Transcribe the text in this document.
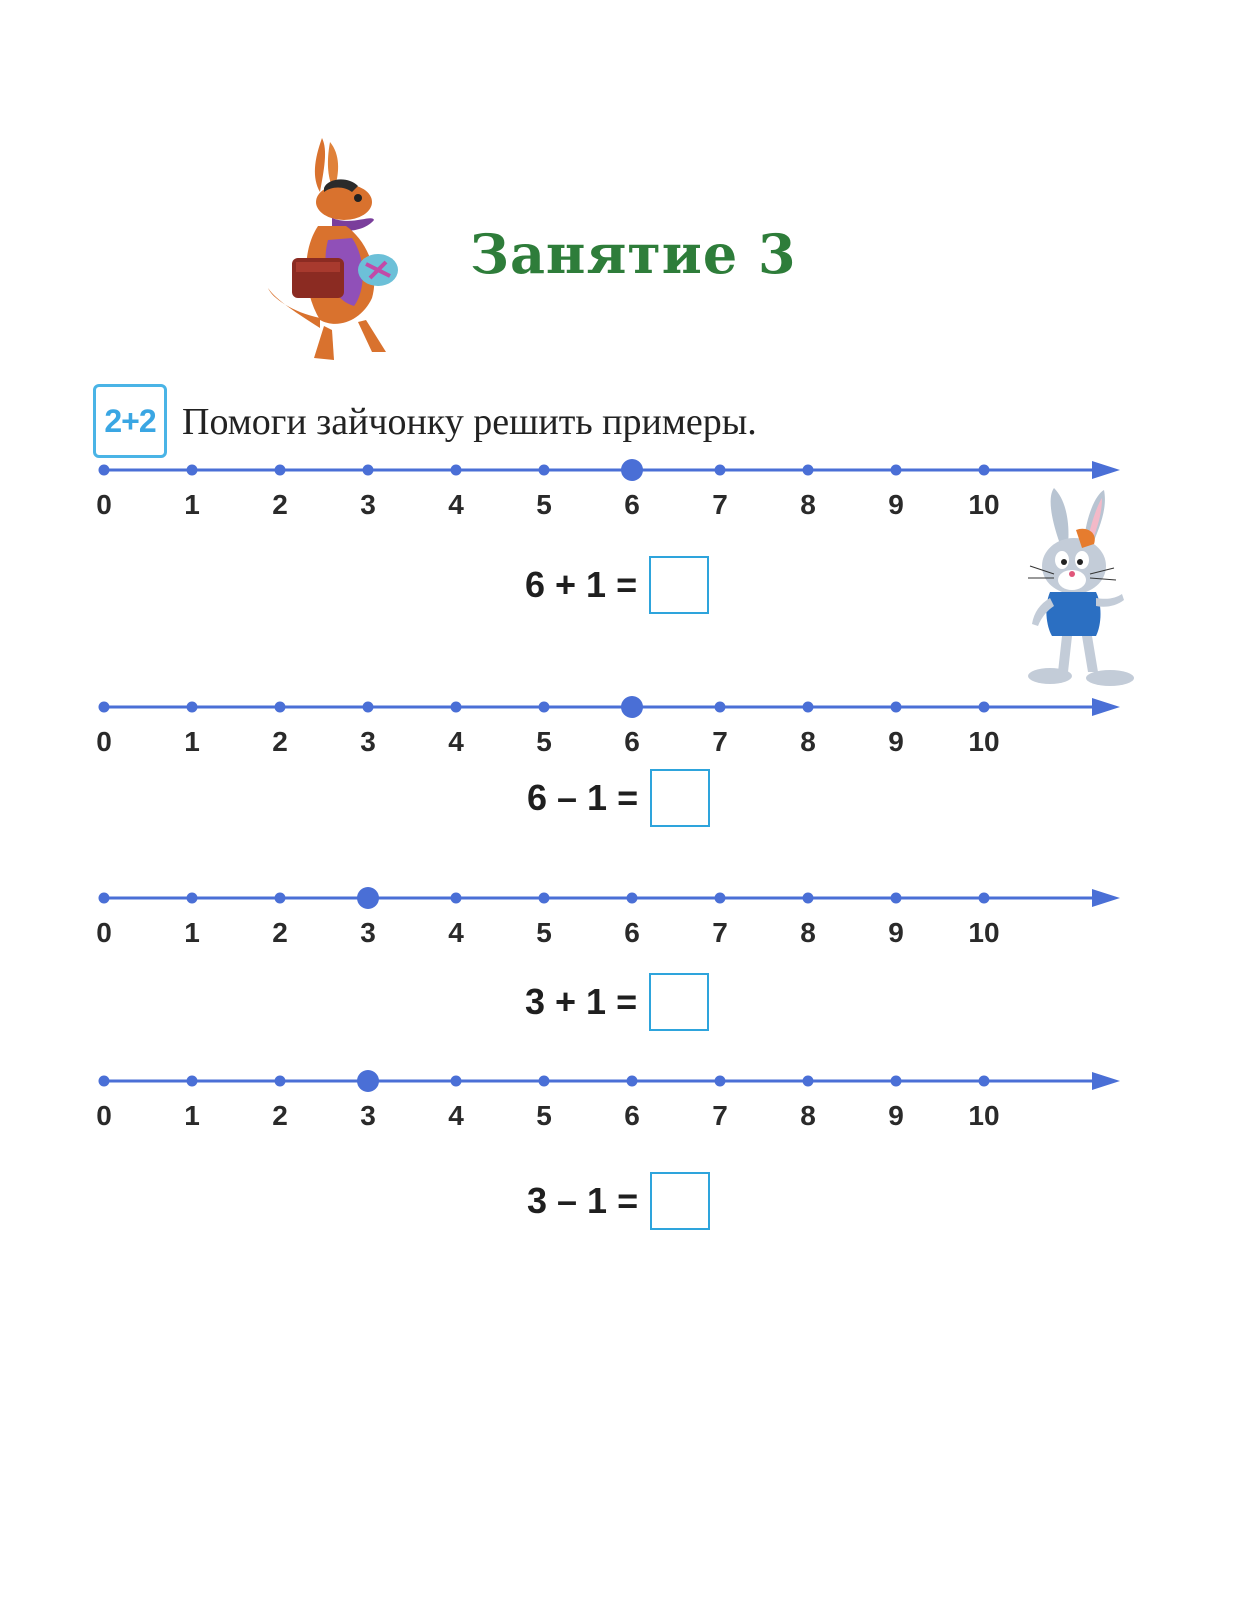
Занятие 3
2+2 Помоги зайчонку решить примеры.

0	1	2	3	4	5	6	7	8	9 10
6 + 1 =
0	1	2	3	4	5	6	7	8	9 10
6 – 1 =
0	1	2	3	4	5	6	7	8	9 10
3 + 1 =
0	1	2	3	4	5	6	7	8	9 10
3 – 1 =
